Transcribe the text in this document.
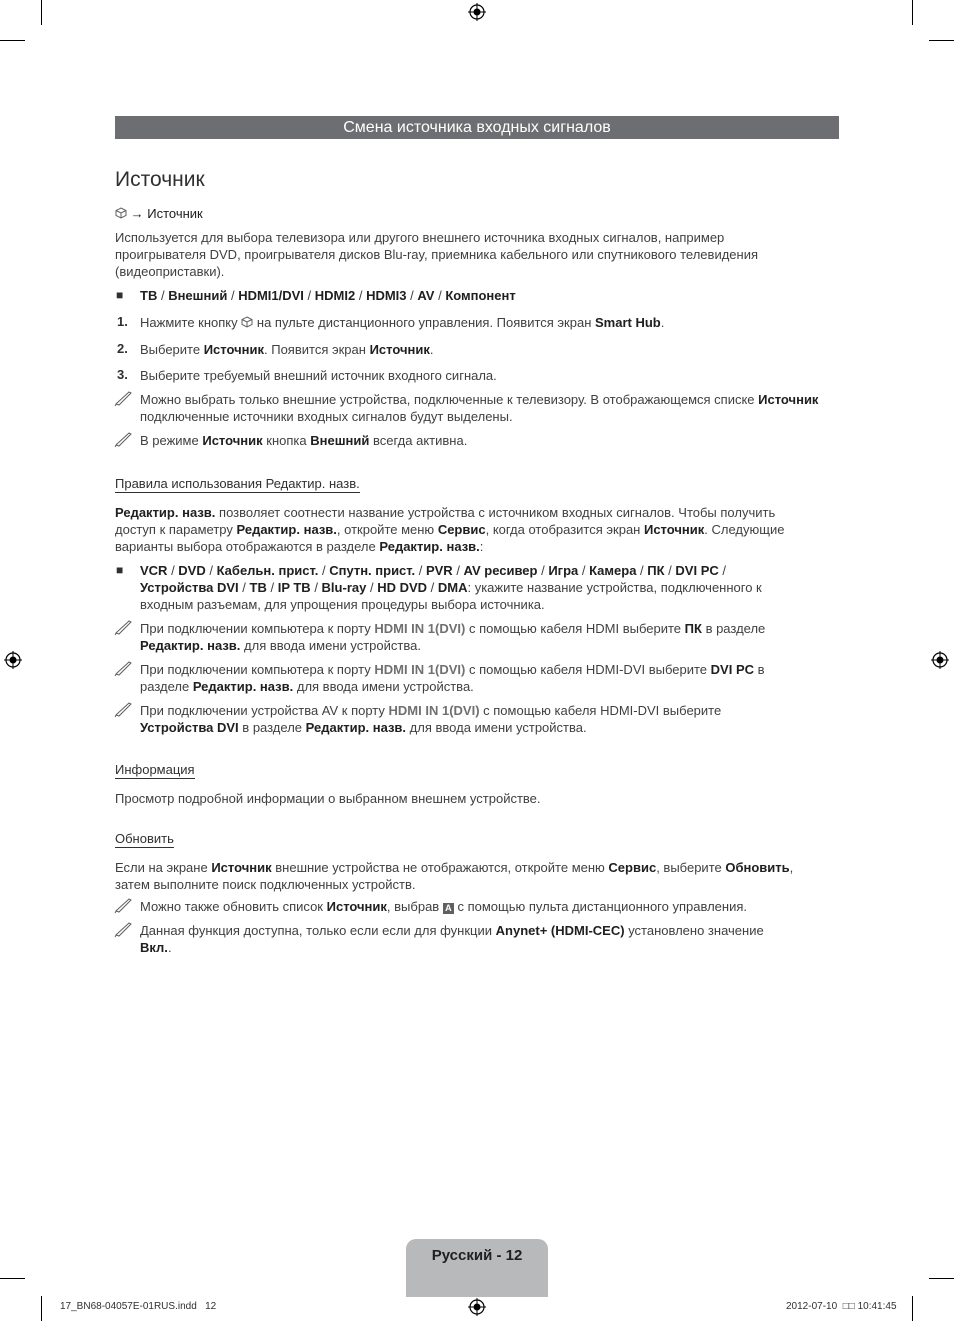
Смена источника входных сигналов
Источник
→ Источник
Используется для выбора телевизора или другого внешнего источника входных сигналов, например проигрывателя DVD, проигрывателя дисков Blu-ray, приемника кабельного или спутникового телевидения (видеоприставки).
■ ТВ / Внешний / HDMI1/DVI / HDMI2 / HDMI3 / AV / Компонент
1. Нажмите кнопку на пульте дистанционного управления. Появится экран Smart Hub.
2. Выберите Источник. Появится экран Источник.
3. Выберите требуемый внешний источник входного сигнала.
Можно выбрать только внешние устройства, подключенные к телевизору. В отображающемся списке Источник подключенные источники входных сигналов будут выделены.
В режиме Источник кнопка Внешний всегда активна.
Правила использования Редактир. назв.
Редактир. назв. позволяет соотнести название устройства с источником входных сигналов. Чтобы получить
доступ к параметру Редактир. назв., откройте меню Сервис, когда отобразится экран Источник. Следующие
варианты выбора отображаются в разделе Редактир. назв.:
■ VCR / DVD / Кабельн. прист. / Спутн. прист. / PVR / AV ресивер / Игра / Камера / ПК / DVI PC /
Устройства DVI / ТВ / IP TB / Blu-ray / HD DVD / DMA: укажите название устройства, подключенного к
входным разъемам, для упрощения процедуры выбора источника.
При подключении компьютера к порту HDMI IN 1(DVI) с помощью кабеля HDMI выберите ПК в разделе
Редактир. назв. для ввода имени устройства.
При подключении компьютера к порту HDMI IN 1(DVI) с помощью кабеля HDMI-DVI выберите DVI PC в
разделе Редактир. назв. для ввода имени устройства.
При подключении устройства AV к порту HDMI IN 1(DVI) с помощью кабеля HDMI-DVI выберите
Устройства DVI в разделе Редактир. назв. для ввода имени устройства.
Информация
Просмотр подробной информации о выбранном внешнем устройстве.
Обновить
Если на экране Источник внешние устройства не отображаются, откройте меню Сервис, выберите Обновить,
затем выполните поиск подключенных устройств.
Можно также обновить список Источник, выбрав A с помощью пульта дистанционного управления.
Данная функция доступна, только если если для функции Anynet+ (HDMI-CEC) установлено значение
Вкл..
Русский - 12
17_BN68-04057E-01RUS.indd 12	2012-07-10 □□ 10:41:45
